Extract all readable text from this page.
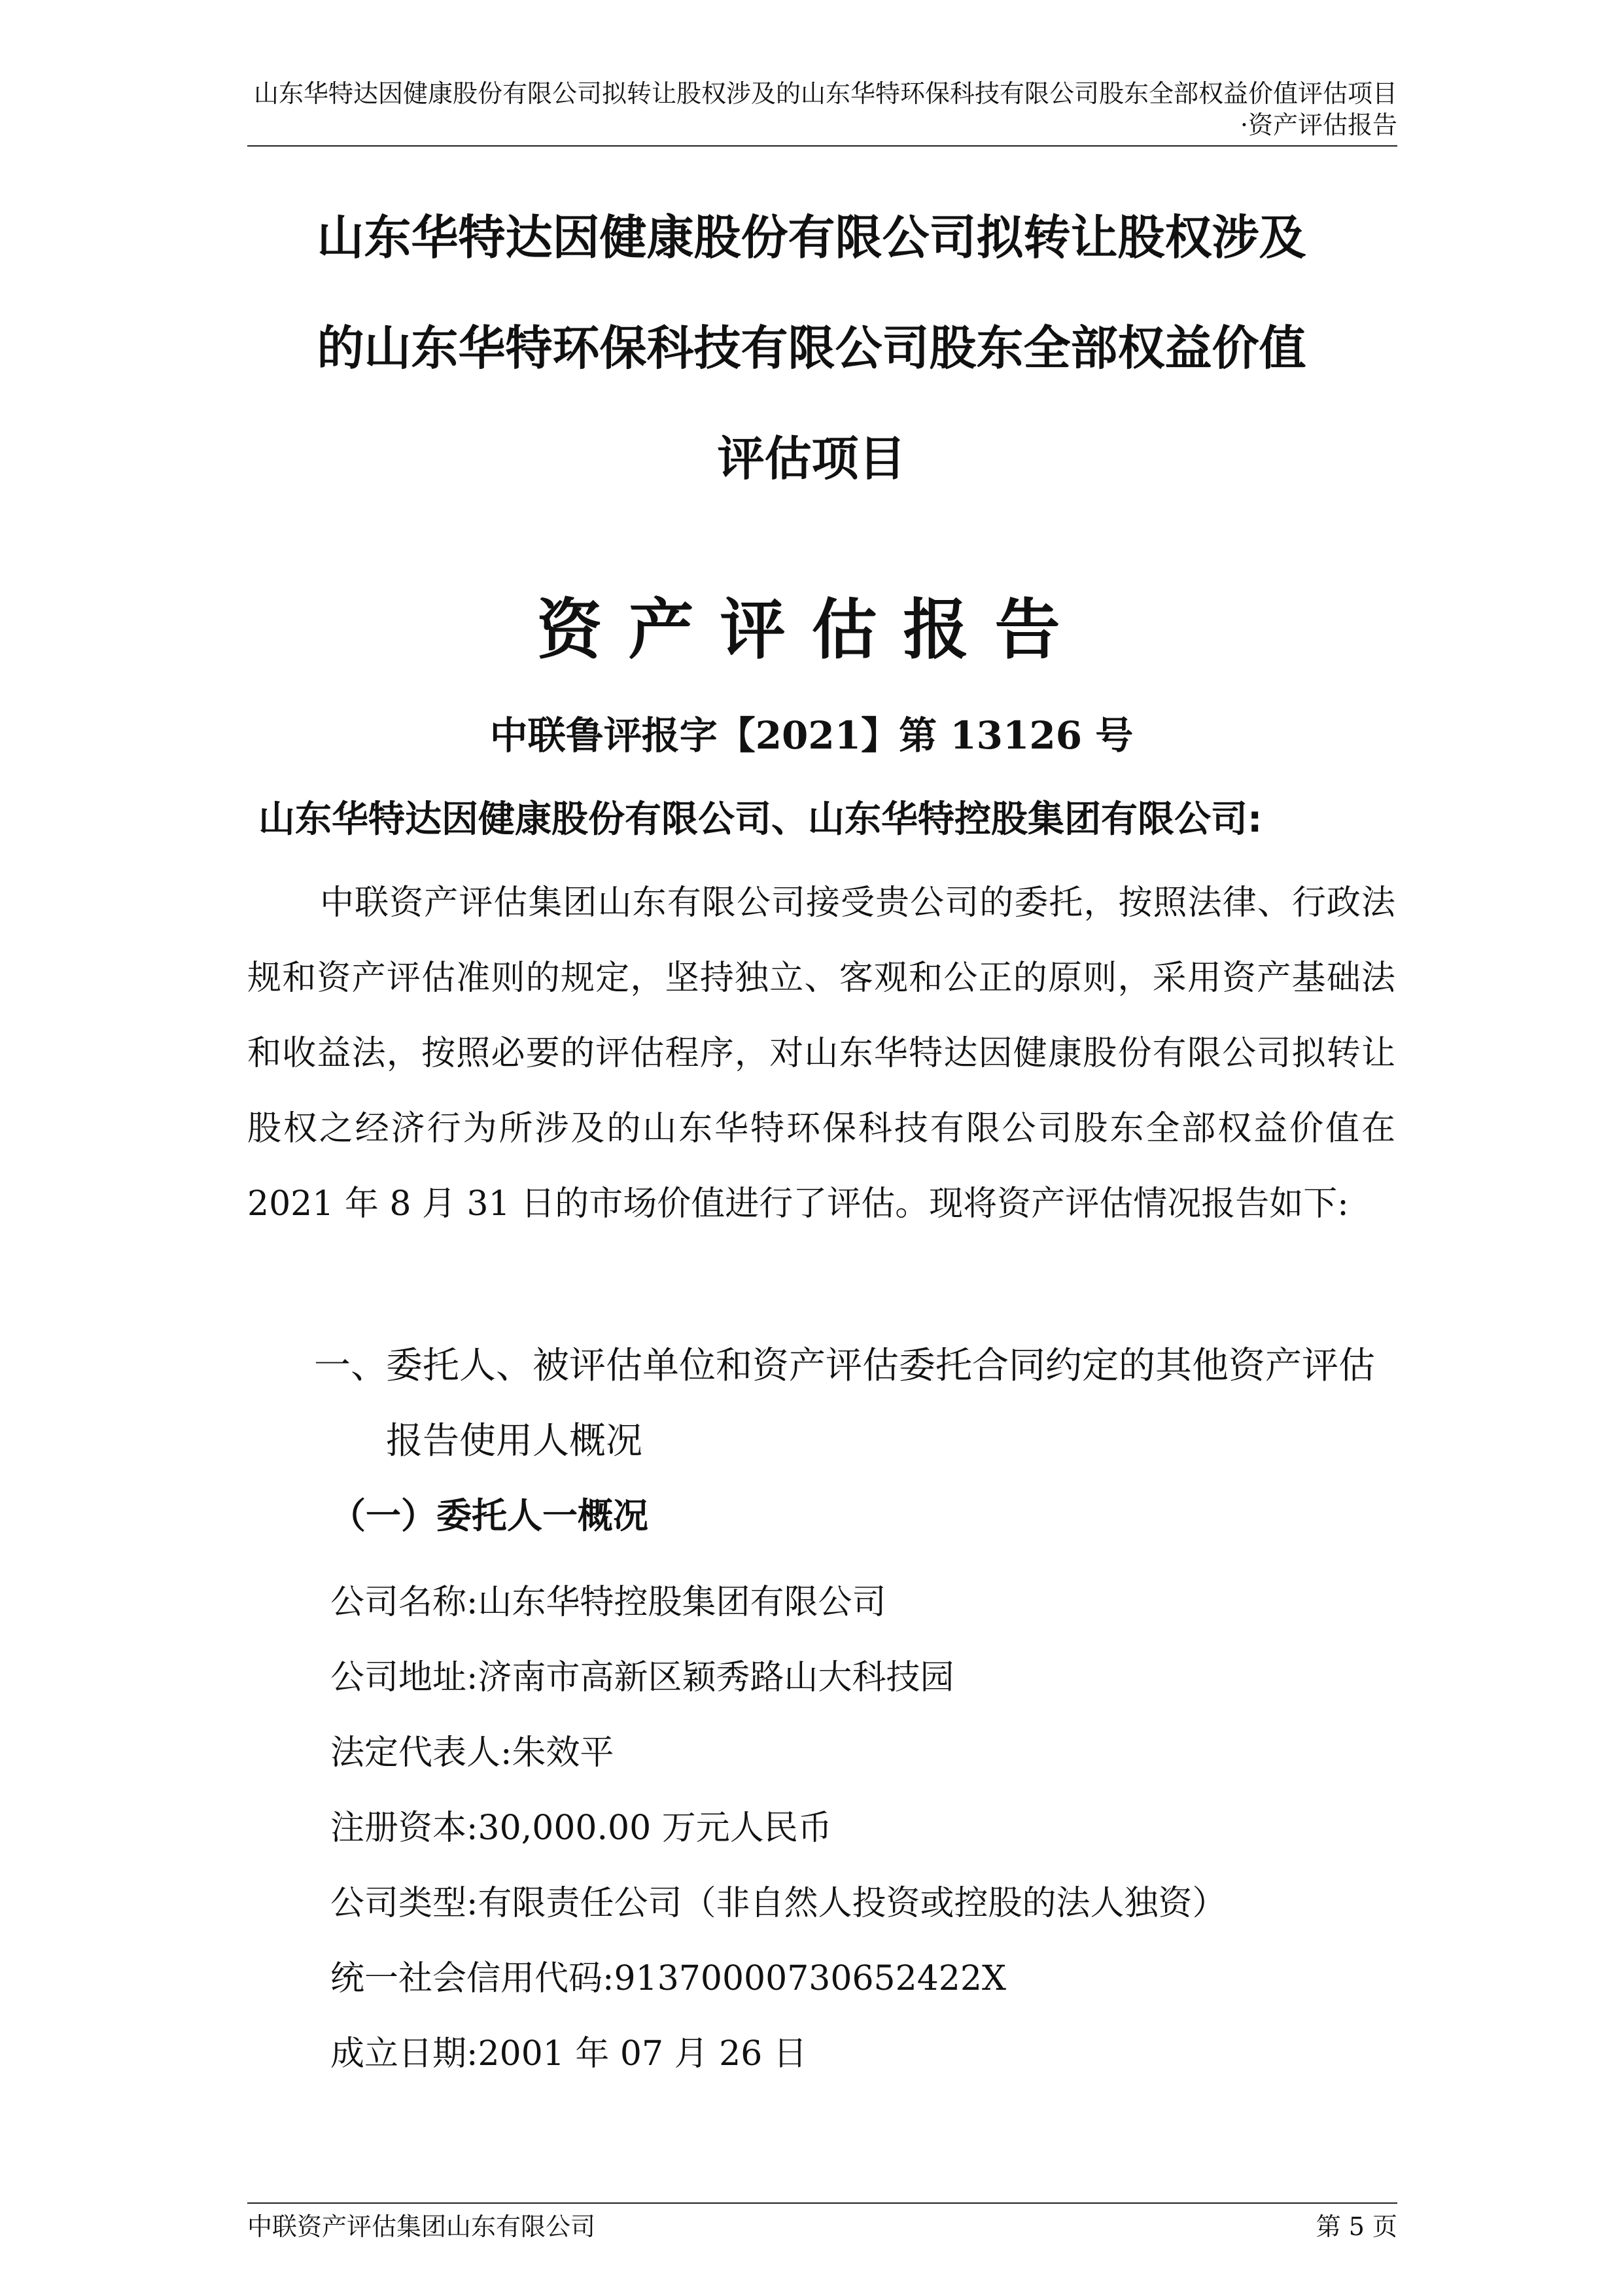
山东华特达因健康股份有限公司拟转让股权涉及的山东华特环保科技有限公司股东全部权益价值评估项目
·资产评估报告
山东华特达因健康股份有限公司拟转让股权涉及
的山东华特环保科技有限公司股东全部权益价值
评估项目
资产评估报告
中联鲁评报字【2021】第 13126 号
山东华特达因健康股份有限公司、山东华特控股集团有限公司:
中联资产评估集团山东有限公司接受贵公司的委托，按照法律、行政法规和资产评估准则的规定，坚持独立、客观和公正的原则，采用资产基础法和收益法，按照必要的评估程序，对山东华特达因健康股份有限公司拟转让股权之经济行为所涉及的山东华特环保科技有限公司股东全部权益价值在 2021 年 8 月 31 日的市场价值进行了评估。现将资产评估情况报告如下:
一、
委托人、被评估单位和资产评估委托合同约定的其他资产评估报告使用人概况
（一）委托人一概况
公司名称:山东华特控股集团有限公司
公司地址:济南市高新区颖秀路山大科技园
法定代表人:朱效平
注册资本:30,000.00 万元人民币
公司类型:有限责任公司（非自然人投资或控股的法人独资）
统一社会信用代码:91370000730652422X
成立日期:2001 年 07 月 26 日
中联资产评估集团山东有限公司	第 5 页
